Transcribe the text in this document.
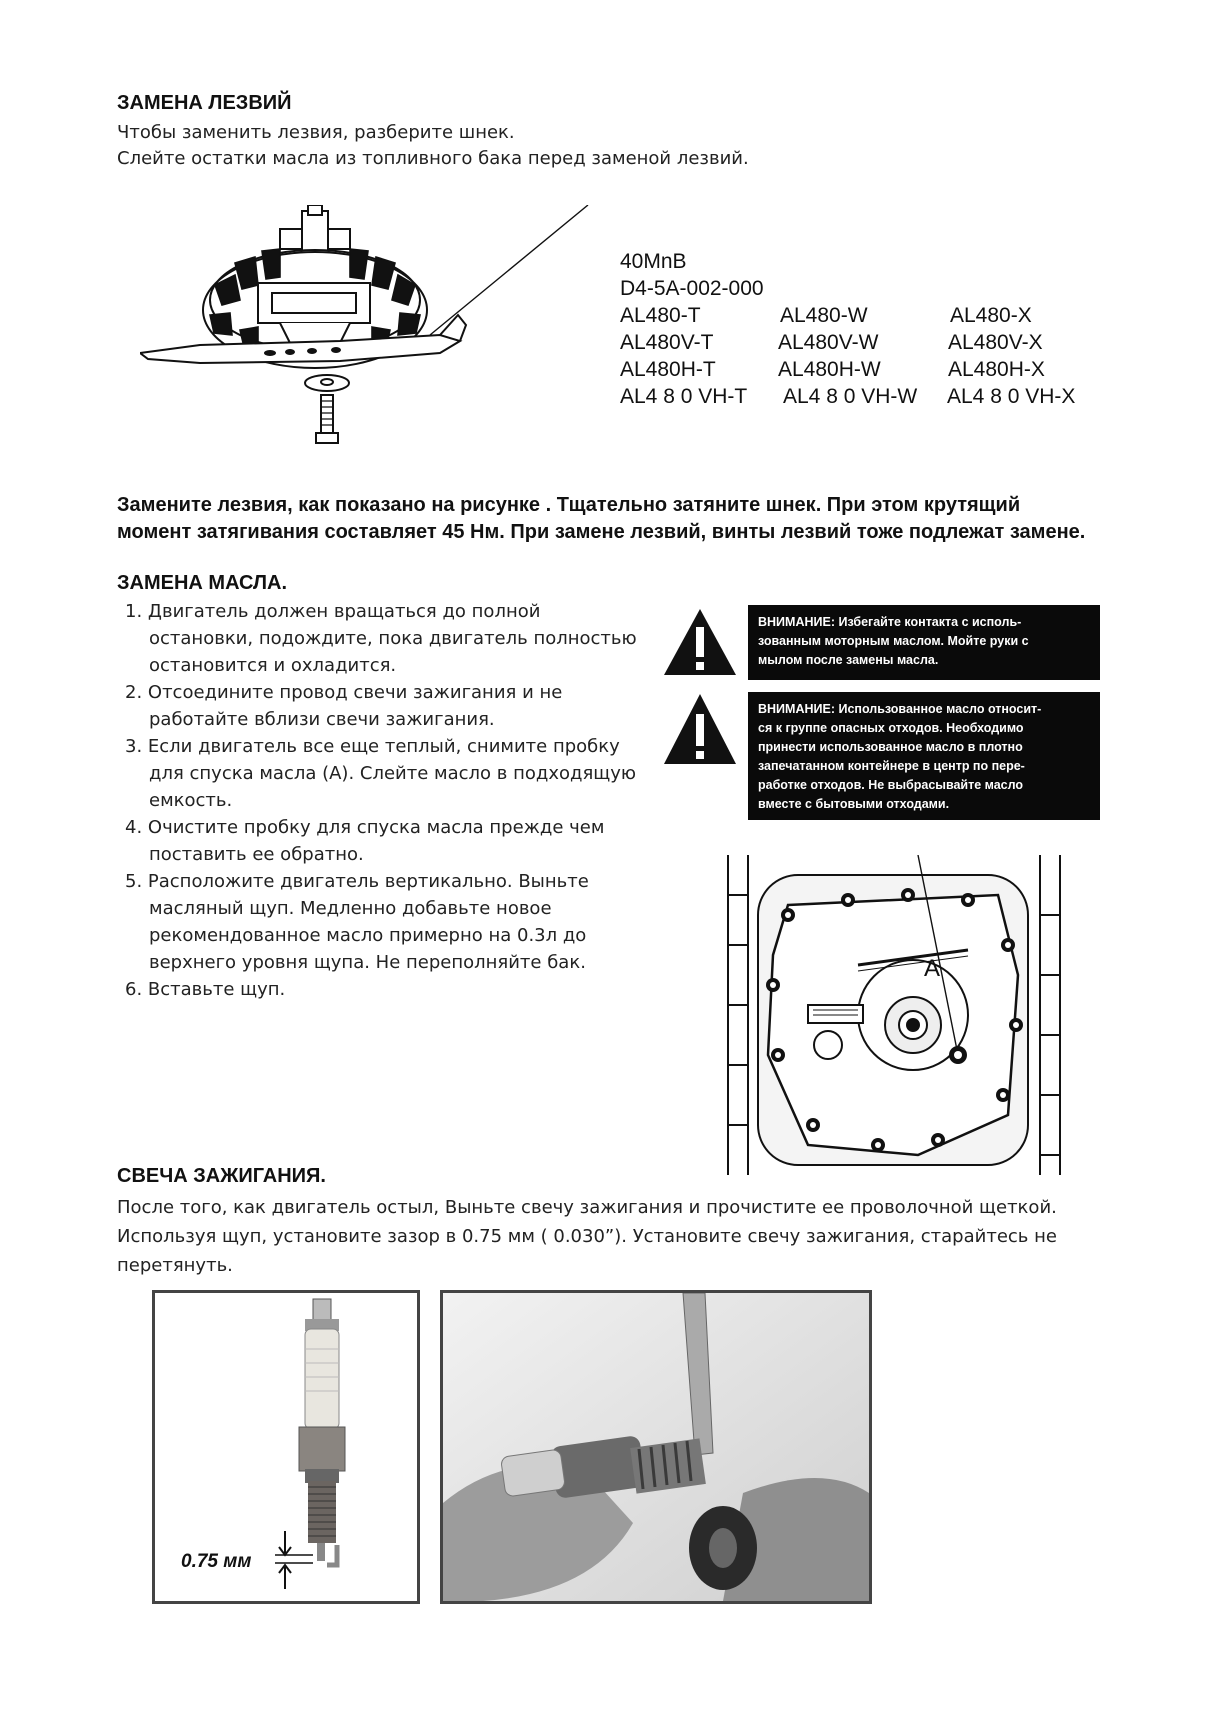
ЗАМЕНА ЛЕЗВИЙ
Чтобы заменить лезвия, разберите шнек.
Слейте остатки масла из топливного бака перед заменой лезвий.
40MnB
D4-5A-002-000
AL480-T	AL480-W	AL480-X
AL480V-T	AL480V-W	AL480V-X
AL480H-T	AL480H-W	AL480H-X
AL4 8 0 VH-T	AL4 8 0 VH-W	AL4 8 0 VH-X
Замените лезвия, как показано на рисунке . Тщательно затяните шнек. При этом крутящий
момент затягивания составляет 45 Нм. При замене лезвий, винты лезвий тоже подлежат замене.
ЗАМЕНА МАСЛА.
1. Двигатель должен вращаться до полной
остановки, подождите, пока двигатель полностью
остановится и охладится.
2. Отсоедините провод свечи зажигания и не
работайте вблизи свечи зажигания.
3. Если двигатель все еще теплый, снимите пробку
для спуска масла (A). Слейте масло в подходящую
емкость.
4. Очистите пробку для спуска масла прежде чем
поставить ее обратно.
5. Расположите двигатель вертикально. Выньте
масляный щуп. Медленно добавьте новое
рекомендованное масло примерно на 0.3л до
верхнего уровня щупа. Не переполняйте бак.
6. Вставьте щуп.
ВНИМАНИЕ: Избегайте контакта с исполь-
зованным моторным маслом. Мойте руки с
мылом после замены масла.
ВНИМАНИЕ: Использованное масло относит-
ся к группе опасных отходов. Необходимо
принести использованное масло в плотно
запечатанном контейнере в центр по пере-
работке отходов. Не выбрасывайте масло
вместе с бытовыми отходами.
A
СВЕЧА ЗАЖИГАНИЯ.
После того, как двигатель остыл, Выньте свечу зажигания и прочистите ее проволочной щеткой.
Используя щуп, установите зазор в 0.75 мм ( 0.030”). Установите свечу зажигания, старайтесь не
перетянуть.
0.75 мм
